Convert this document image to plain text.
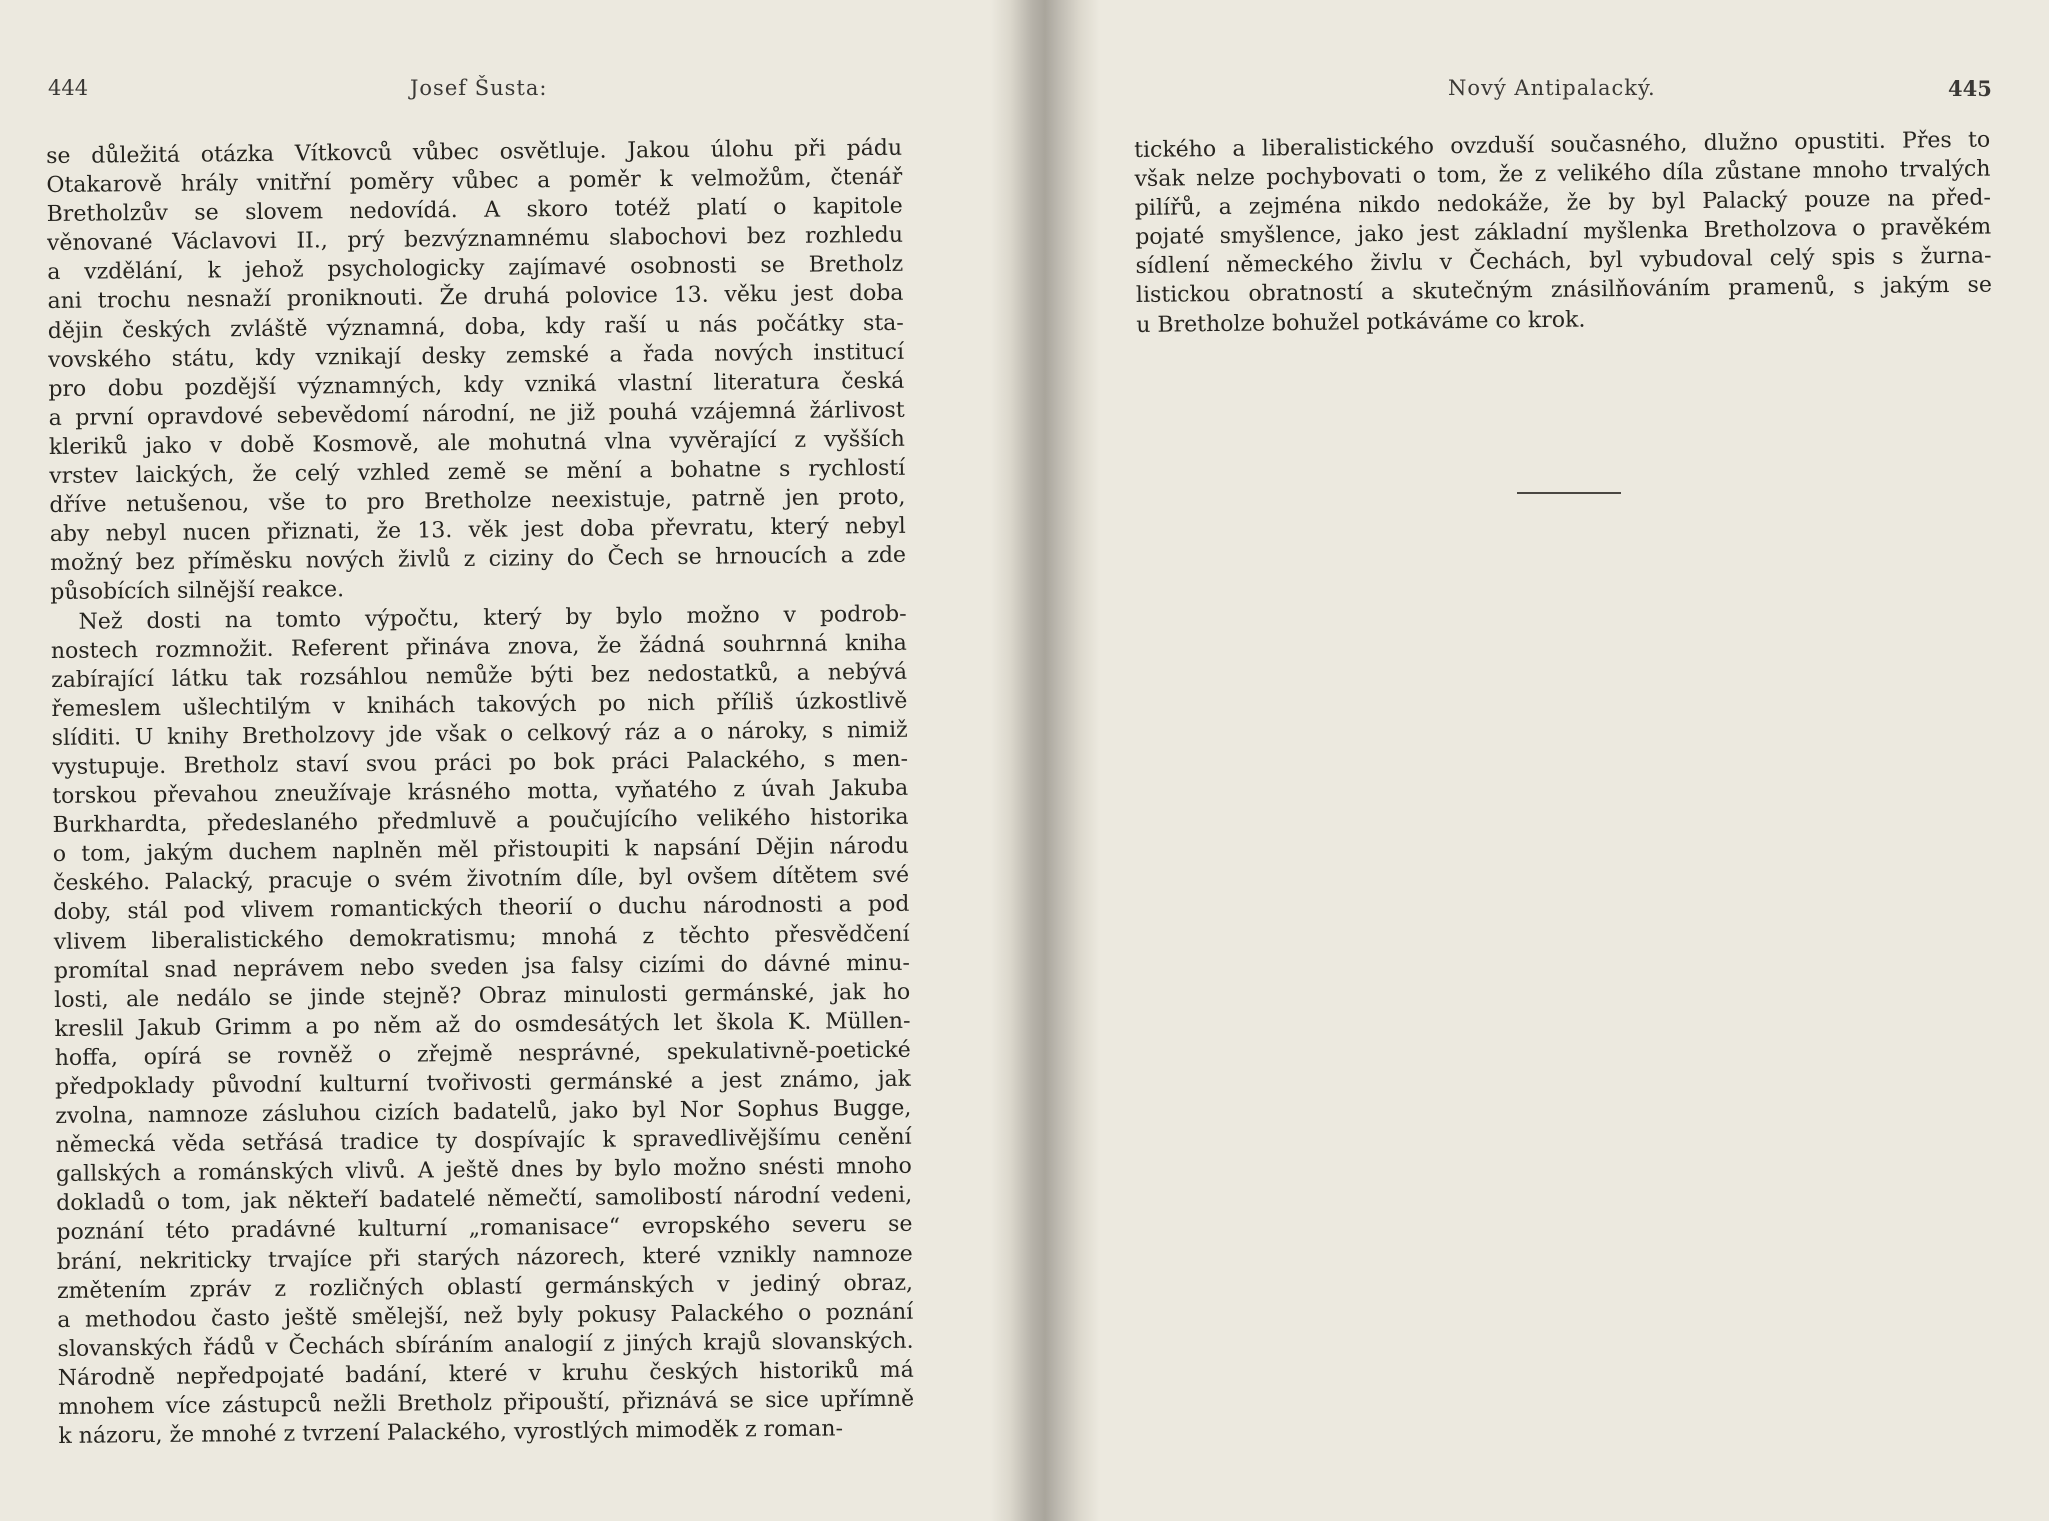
444	Josef Šusta:	Nový Antipalacký.	445
se důležitá otázka Vítkovců vůbec osvětluje. Jakou úlohu při pádu
Otakarově hrály vnitřní poměry vůbec a poměr k velmožům, čtenář
Bretholzův se slovem nedovídá. A skoro totéž platí o kapitole
věnované Václavovi II., prý bezvýznamnému slabochovi bez rozhledu
a vzdělání, k jehož psychologicky zajímavé osobnosti se Bretholz
ani trochu nesnaží proniknouti. Že druhá polovice 13. věku jest doba
dějin českých zvláště významná, doba, kdy raší u nás počátky sta-
vovského státu, kdy vznikají desky zemské a řada nových institucí
pro dobu pozdější významných, kdy vzniká vlastní literatura česká
a první opravdové sebevědomí národní, ne již pouhá vzájemná žárlivost
kleriků jako v době Kosmově, ale mohutná vlna vyvěrající z vyšších
vrstev laických, že celý vzhled země se mění a bohatne s rychlostí
dříve netušenou, vše to pro Bretholze neexistuje, patrně jen proto,
aby nebyl nucen přiznati, že 13. věk jest doba převratu, který nebyl
možný bez příměsku nových živlů z ciziny do Čech se hrnoucích a zde
působících silnější reakce.
Než dosti na tomto výpočtu, který by bylo možno v podrob-
nostech rozmnožit. Referent přináva znova, že žádná souhrnná kniha
zabírající látku tak rozsáhlou nemůže býti bez nedostatků, a nebývá
řemeslem ušlechtilým v knihách takových po nich příliš úzkostlivě
slíditi. U knihy Bretholzovy jde však o celkový ráz a o nároky, s nimiž
vystupuje. Bretholz staví svou práci po bok práci Palackého, s men-
torskou převahou zneužívaje krásného motta, vyňatého z úvah Jakuba
Burkhardta, předeslaného předmluvě a poučujícího velikého historika
o tom, jakým duchem naplněn měl přistoupiti k napsání Dějin národu
českého. Palacký, pracuje o svém životním díle, byl ovšem dítětem své
doby, stál pod vlivem romantických theorií o duchu národnosti a pod
vlivem liberalistického demokratismu; mnohá z těchto přesvědčení
promítal snad neprávem nebo sveden jsa falsy cizími do dávné minu-
losti, ale nedálo se jinde stejně? Obraz minulosti germánské, jak ho
kreslil Jakub Grimm a po něm až do osmdesátých let škola K. Müllen-
hoffa, opírá se rovněž o zřejmě nesprávné, spekulativně-poetické
předpoklady původní kulturní tvořivosti germánské a jest známo, jak
zvolna, namnoze zásluhou cizích badatelů, jako byl Nor Sophus Bugge,
německá věda setřásá tradice ty dospívajíc k spravedlivějšímu cenění
gallských a románských vlivů. A ještě dnes by bylo možno snésti mnoho
dokladů o tom, jak někteří badatelé němečtí, samolibostí národní vedeni,
poznání této pradávné kulturní „romanisace“ evropského severu se
brání, nekriticky trvajíce při starých názorech, které vznikly namnoze
změtením zpráv z rozličných oblastí germánských v jediný obraz,
a methodou často ještě smělejší, než byly pokusy Palackého o poznání
slovanských řádů v Čechách sbíráním analogií z jiných krajů slovanských.
Národně nepředpojaté badání, které v kruhu českých historiků má
mnohem více zástupců nežli Bretholz připouští, přiznává se sice upřímně
k názoru, že mnohé z tvrzení Palackého, vyrostlých mimoděk z roman-
tického a liberalistického ovzduší současného, dlužno opustiti. Přes to
však nelze pochybovati o tom, že z velikého díla zůstane mnoho trvalých
pilířů, a zejména nikdo nedokáže, že by byl Palacký pouze na před-
pojaté smyšlence, jako jest základní myšlenka Bretholzova o pravěkém
sídlení německého živlu v Čechách, byl vybudoval celý spis s žurna-
listickou obratností a skutečným znásilňováním pramenů, s jakým se
u Bretholze bohužel potkáváme co krok.
